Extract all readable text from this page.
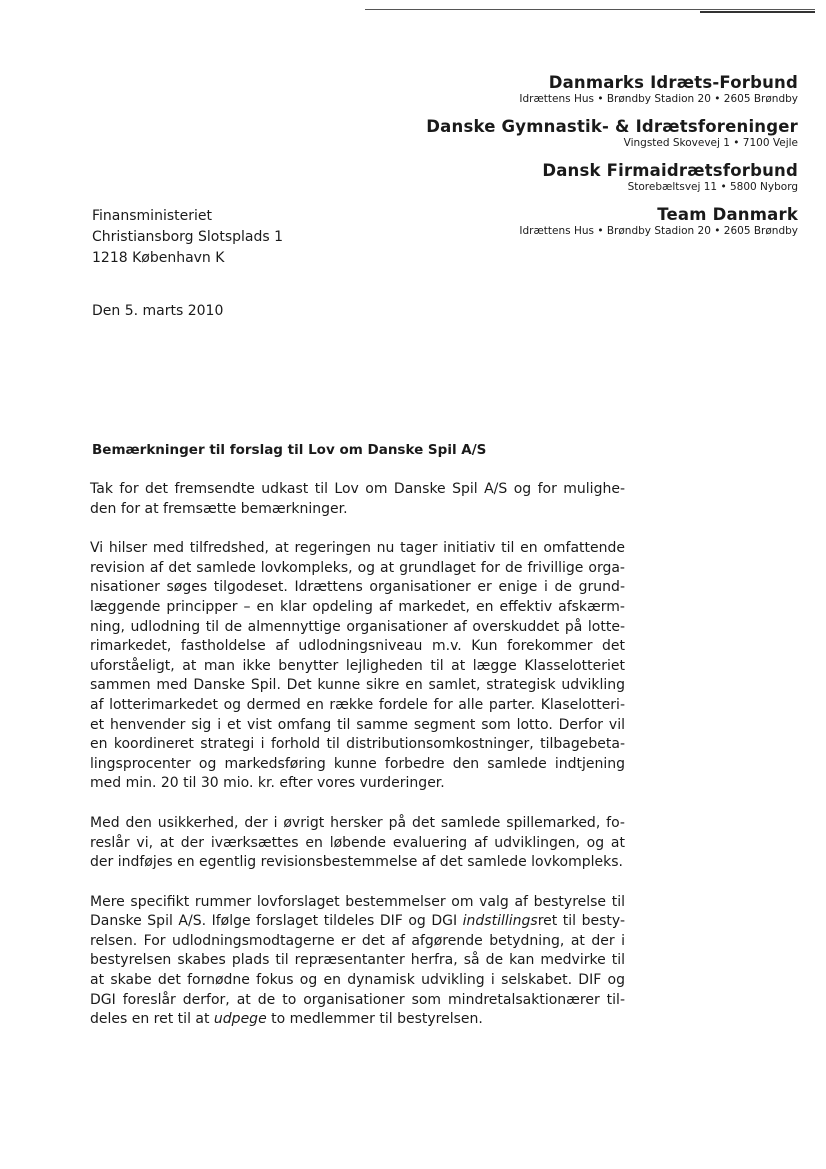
Danmarks Idræts-Forbund
Idrættens Hus • Brøndby Stadion 20 • 2605 Brøndby
Danske Gymnastik- & Idrætsforeninger
Vingsted Skovevej 1 • 7100 Vejle
Dansk Firmaidrætsforbund
Storebæltsvej 11 • 5800 Nyborg
Team Danmark
Idrættens Hus • Brøndby Stadion 20 • 2605 Brøndby
Finansministeriet
Christiansborg Slotsplads 1
1218 København K
Den 5. marts 2010
Bemærkninger til forslag til Lov om Danske Spil A/S
Tak for det fremsendte udkast til Lov om Danske Spil A/S og for mulighe-
den for at fremsætte bemærkninger.
Vi hilser med tilfredshed, at regeringen nu tager initiativ til en omfattende
revision af det samlede lovkompleks, og at grundlaget for de frivillige orga-
nisationer søges tilgodeset. Idrættens organisationer er enige i de grund-
læggende principper – en klar opdeling af markedet, en effektiv afskærm-
ning, udlodning til de almennyttige organisationer af overskuddet på lotte-
rimarkedet, fastholdelse af udlodningsniveau m.v. Kun forekommer det
uforståeligt, at man ikke benytter lejligheden til at lægge Klasselotteriet
sammen med Danske Spil. Det kunne sikre en samlet, strategisk udvikling
af lotterimarkedet og dermed en række fordele for alle parter. Klaselotteri-
et henvender sig i et vist omfang til samme segment som lotto. Derfor vil
en koordineret strategi i forhold til distributionsomkostninger, tilbagebeta-
lingsprocenter og markedsføring kunne forbedre den samlede indtjening
med min. 20 til 30 mio. kr. efter vores vurderinger.
Med den usikkerhed, der i øvrigt hersker på det samlede spillemarked, fo-
reslår vi, at der iværksættes en løbende evaluering af udviklingen, og at
der indføjes en egentlig revisionsbestemmelse af det samlede lovkompleks.
Mere specifikt rummer lovforslaget bestemmelser om valg af bestyrelse til
Danske Spil A/S. Ifølge forslaget tildeles DIF og DGI indstillingsret til besty-
relsen. For udlodningsmodtagerne er det af afgørende betydning, at der i
bestyrelsen skabes plads til repræsentanter herfra, så de kan medvirke til
at skabe det fornødne fokus og en dynamisk udvikling i selskabet. DIF og
DGI foreslår derfor, at de to organisationer som mindretalsaktionærer til-
deles en ret til at udpege to medlemmer til bestyrelsen.
